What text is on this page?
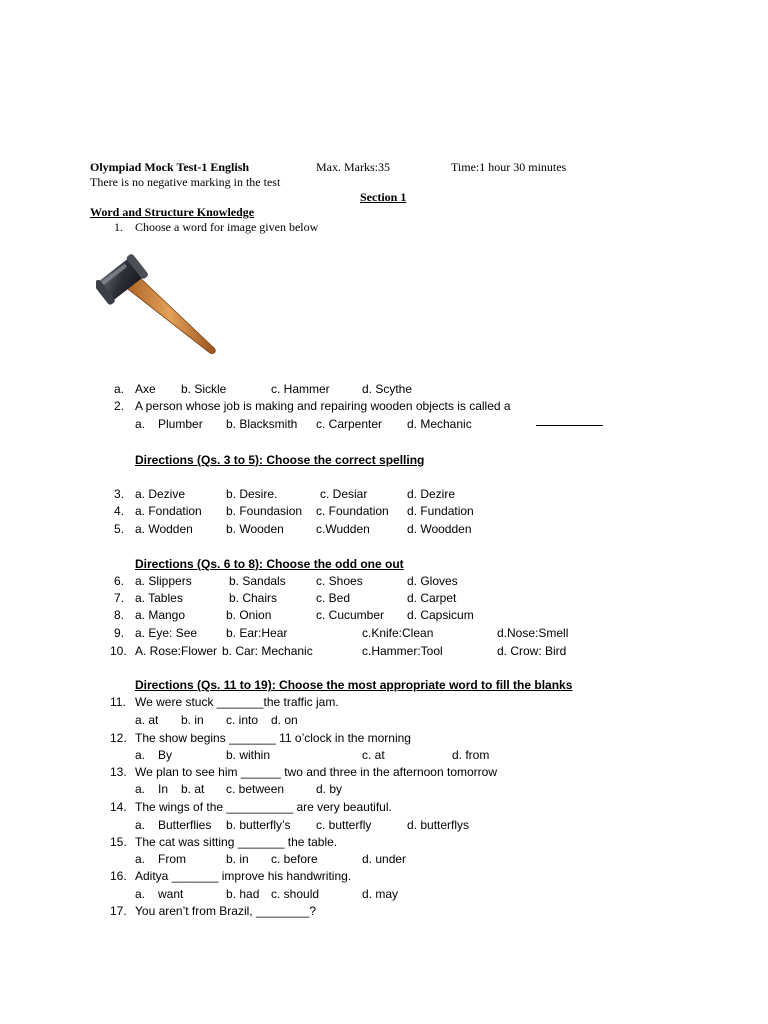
Olympiad Mock Test-1 English	Max. Marks:35	Time:1 hour 30 minutes
There is no negative marking in the test
Section 1
Word and Structure Knowledge
1. Choose a word for image given below
a. Axe b. Sickle	c. Hammer	d. Scythe
2. A person whose job is making and repairing wooden objects is called a
a. Plumber b. Blacksmith c. Carpenter d. Mechanic
Directions (Qs. 3 to 5): Choose the correct spelling
3. a. Dezive	b. Desire.	c. Desiar	d. Dezire
4. a. Fondation b. Foundasion c. Foundation d. Fundation
5. a. Wodden	b. Wooden	c.Wudden	d. Woodden
Directions (Qs. 6 to 8): Choose the odd one out
6. a. Slippers	b. Sandals	c. Shoes	d. Gloves
7. a. Tables	b. Chairs	c. Bed	d. Carpet
8. a. Mango	b. Onion	c. Cucumber d. Capsicum
9. a. Eye: See b. Ear:Hear	c.Knife:Clean	d.Nose:Smell
10. A. Rose:Flower b. Car: Mechanic	c.Hammer:Tool	d. Crow: Bird
Directions (Qs. 11 to 19): Choose the most appropriate word to fill the blanks
11. We were stuck _______the traffic jam.
a. at b. in c. into d. on
12. The show begins _______ 11 o’clock in the morning
a. By	b. within	c. at	d. from
13. We plan to see him ______ two and three in the afternoon tomorrow
a. In b. at c. between	d. by
14. The wings of the __________ are very beautiful.
a. Butterflies b. butterfly’s c. butterfly	d. butterflys
15. The cat was sitting _______ the table.
a. From	b. in c. before	d. under
16. Aditya _______ improve his handwriting.
a. want	b. had c. should	d. may
17. You aren’t from Brazil, ________?
